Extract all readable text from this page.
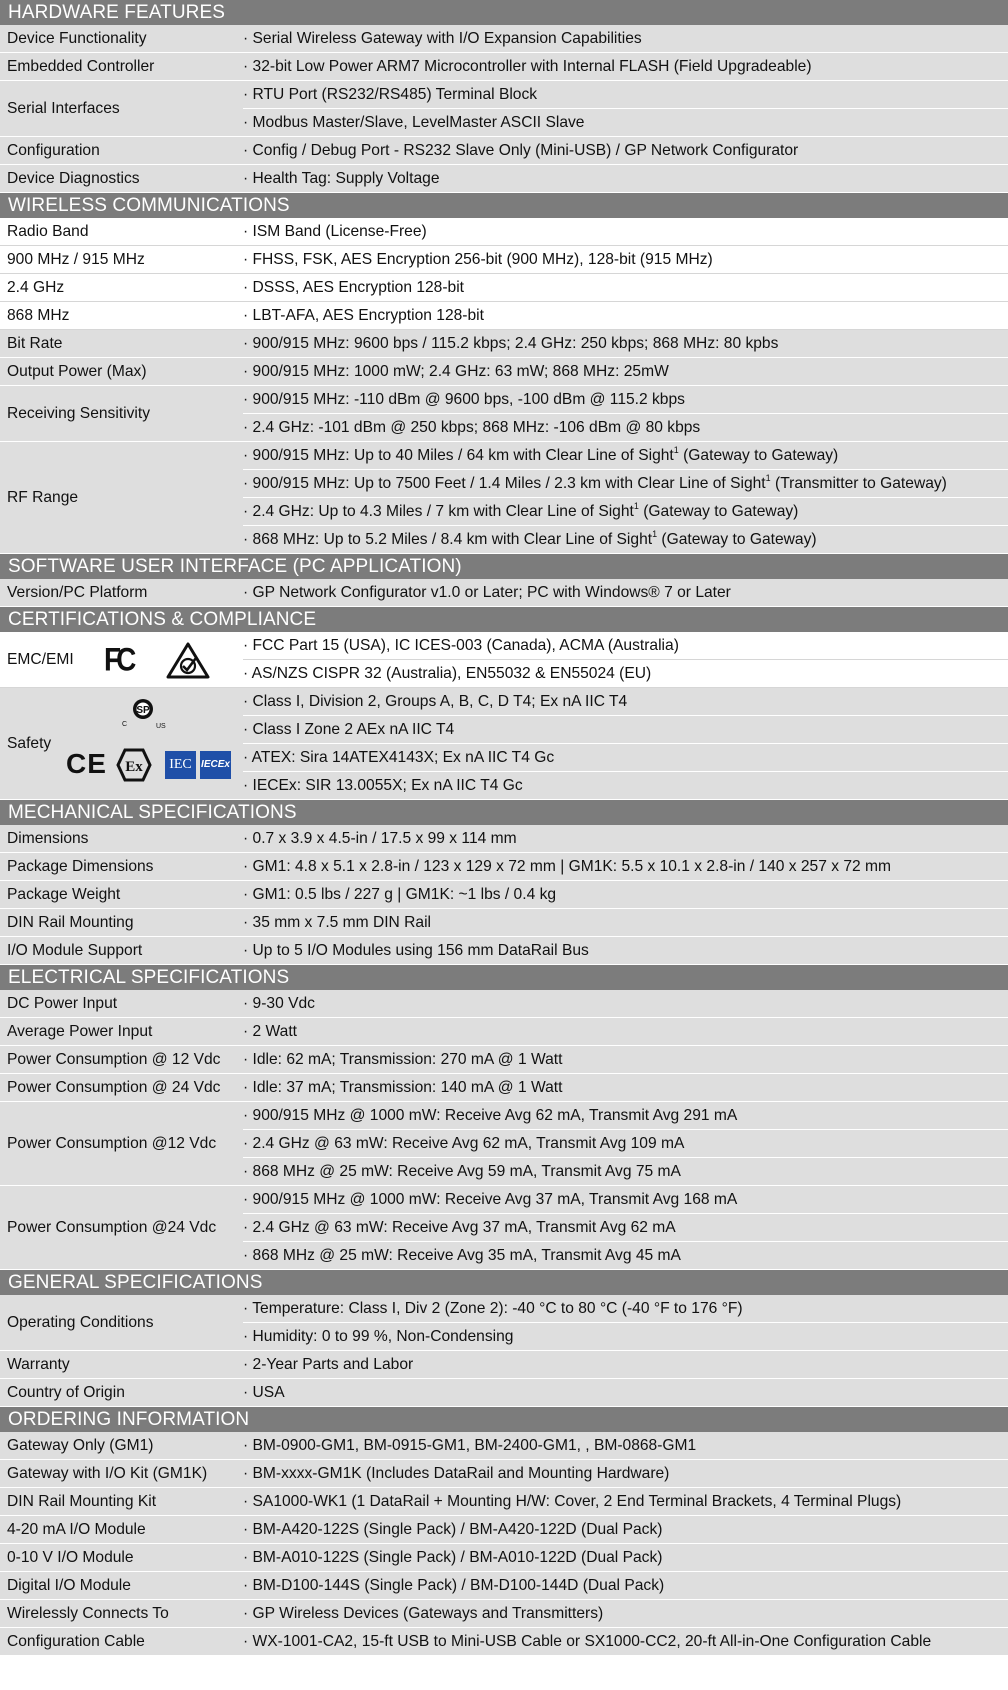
HARDWARE FEATURES
Device Functionality	· Serial Wireless Gateway with I/O Expansion Capabilities
Embedded Controller	· 32-bit Low Power ARM7 Microcontroller with Internal FLASH (Field Upgradeable)
Serial Interfaces
· RTU Port (RS232/RS485) Terminal Block
· Modbus Master/Slave, LevelMaster ASCII Slave
Configuration	· Config / Debug Port - RS232 Slave Only (Mini-USB) / GP Network Configurator
Device Diagnostics	· Health Tag: Supply Voltage
WIRELESS COMMUNICATIONS
Radio Band	· ISM Band (License-Free)
900 MHz / 915 MHz	· FHSS, FSK, AES Encryption 256-bit (900 MHz), 128-bit (915 MHz)
2.4 GHz	· DSSS, AES Encryption 128-bit
868 MHz	· LBT-AFA, AES Encryption 128-bit
Bit Rate	· 900/915 MHz: 9600 bps / 115.2 kbps; 2.4 GHz: 250 kbps; 868 MHz: 80 kpbs
Output Power (Max)	· 900/915 MHz: 1000 mW; 2.4 GHz: 63 mW; 868 MHz: 25mW
Receiving Sensitivity
· 900/915 MHz: -110 dBm @ 9600 bps, -100 dBm @ 115.2 kbps
· 2.4 GHz: -101 dBm @ 250 kbps; 868 MHz: -106 dBm @ 80 kbps
RF Range
· 900/915 MHz: Up to 40 Miles / 64 km with Clear Line of Sight$^1$ (Gateway to Gateway)
· 900/915 MHz: Up to 7500 Feet / 1.4 Miles / 2.3 km with Clear Line of Sight$^1$ (Transmitter to Gateway)
· 2.4 GHz: Up to 4.3 Miles / 7 km with Clear Line of Sight$^1$ (Gateway to Gateway)
· 868 MHz: Up to 5.2 Miles / 8.4 km with Clear Line of Sight$^1$ (Gateway to Gateway)
SOFTWARE USER INTERFACE (PC APPLICATION)
Version/PC Platform	· GP Network Configurator v1.0 or Later; PC with Windows® 7 or Later
CERTIFICATIONS & COMPLIANCE
EMC/EMI
· FCC Part 15 (USA), IC ICES-003 (Canada), ACMA (Australia)
· AS/NZS CISPR 32 (Australia), EN55032 & EN55024 (EU)
FC
Safety
· Class I, Division 2, Groups A, B, C, D T4; Ex nA IIC T4
· Class I Zone 2 AEx nA IIC T4
· ATEX: Sira 14ATEX4143X; Ex nA IIC T4 Gc
· IECEx: SIR 13.0055X; Ex nA IIC T4 Gc
SP
C	US
CE Ex	IEC IECEx
MECHANICAL SPECIFICATIONS
Dimensions	· 0.7 x 3.9 x 4.5-in / 17.5 x 99 x 114 mm
Package Dimensions	· GM1: 4.8 x 5.1 x 2.8-in / 123 x 129 x 72 mm | GM1K: 5.5 x 10.1 x 2.8-in / 140 x 257 x 72 mm
Package Weight	· GM1: 0.5 lbs / 227 g | GM1K: ~1 lbs / 0.4 kg
DIN Rail Mounting	· 35 mm x 7.5 mm DIN Rail
I/O Module Support	· Up to 5 I/O Modules using 156 mm DataRail Bus
ELECTRICAL SPECIFICATIONS
DC Power Input	· 9-30 Vdc
Average Power Input	· 2 Watt
Power Consumption @ 12 Vdc	· Idle: 62 mA; Transmission: 270 mA @ 1 Watt
Power Consumption @ 24 Vdc	· Idle: 37 mA; Transmission: 140 mA @ 1 Watt
Power Consumption @12 Vdc
· 900/915 MHz @ 1000 mW: Receive Avg 62 mA, Transmit Avg 291 mA
· 2.4 GHz @ 63 mW: Receive Avg 62 mA, Transmit Avg 109 mA
· 868 MHz @ 25 mW: Receive Avg 59 mA, Transmit Avg 75 mA
Power Consumption @24 Vdc
· 900/915 MHz @ 1000 mW: Receive Avg 37 mA, Transmit Avg 168 mA
· 2.4 GHz @ 63 mW: Receive Avg 37 mA, Transmit Avg 62 mA
· 868 MHz @ 25 mW: Receive Avg 35 mA, Transmit Avg 45 mA
GENERAL SPECIFICATIONS
Operating Conditions
· Temperature: Class I, Div 2 (Zone 2): -40 °C to 80 °C (-40 °F to 176 °F)
· Humidity: 0 to 99 %, Non-Condensing
Warranty	· 2-Year Parts and Labor
Country of Origin	· USA
ORDERING INFORMATION
Gateway Only (GM1)	· BM-0900-GM1, BM-0915-GM1, BM-2400-GM1, , BM-0868-GM1
Gateway with I/O Kit (GM1K)	· BM-xxxx-GM1K (Includes DataRail and Mounting Hardware)
DIN Rail Mounting Kit	· SA1000-WK1 (1 DataRail + Mounting H/W: Cover, 2 End Terminal Brackets, 4 Terminal Plugs)
4-20 mA I/O Module	· BM-A420-122S (Single Pack) / BM-A420-122D (Dual Pack)
0-10 V I/O Module	· BM-A010-122S (Single Pack) / BM-A010-122D (Dual Pack)
Digital I/O Module	· BM-D100-144S (Single Pack) / BM-D100-144D (Dual Pack)
Wirelessly Connects To	· GP Wireless Devices (Gateways and Transmitters)
Configuration Cable	· WX-1001-CA2, 15-ft USB to Mini-USB Cable or SX1000-CC2, 20-ft All-in-One Configuration Cable
